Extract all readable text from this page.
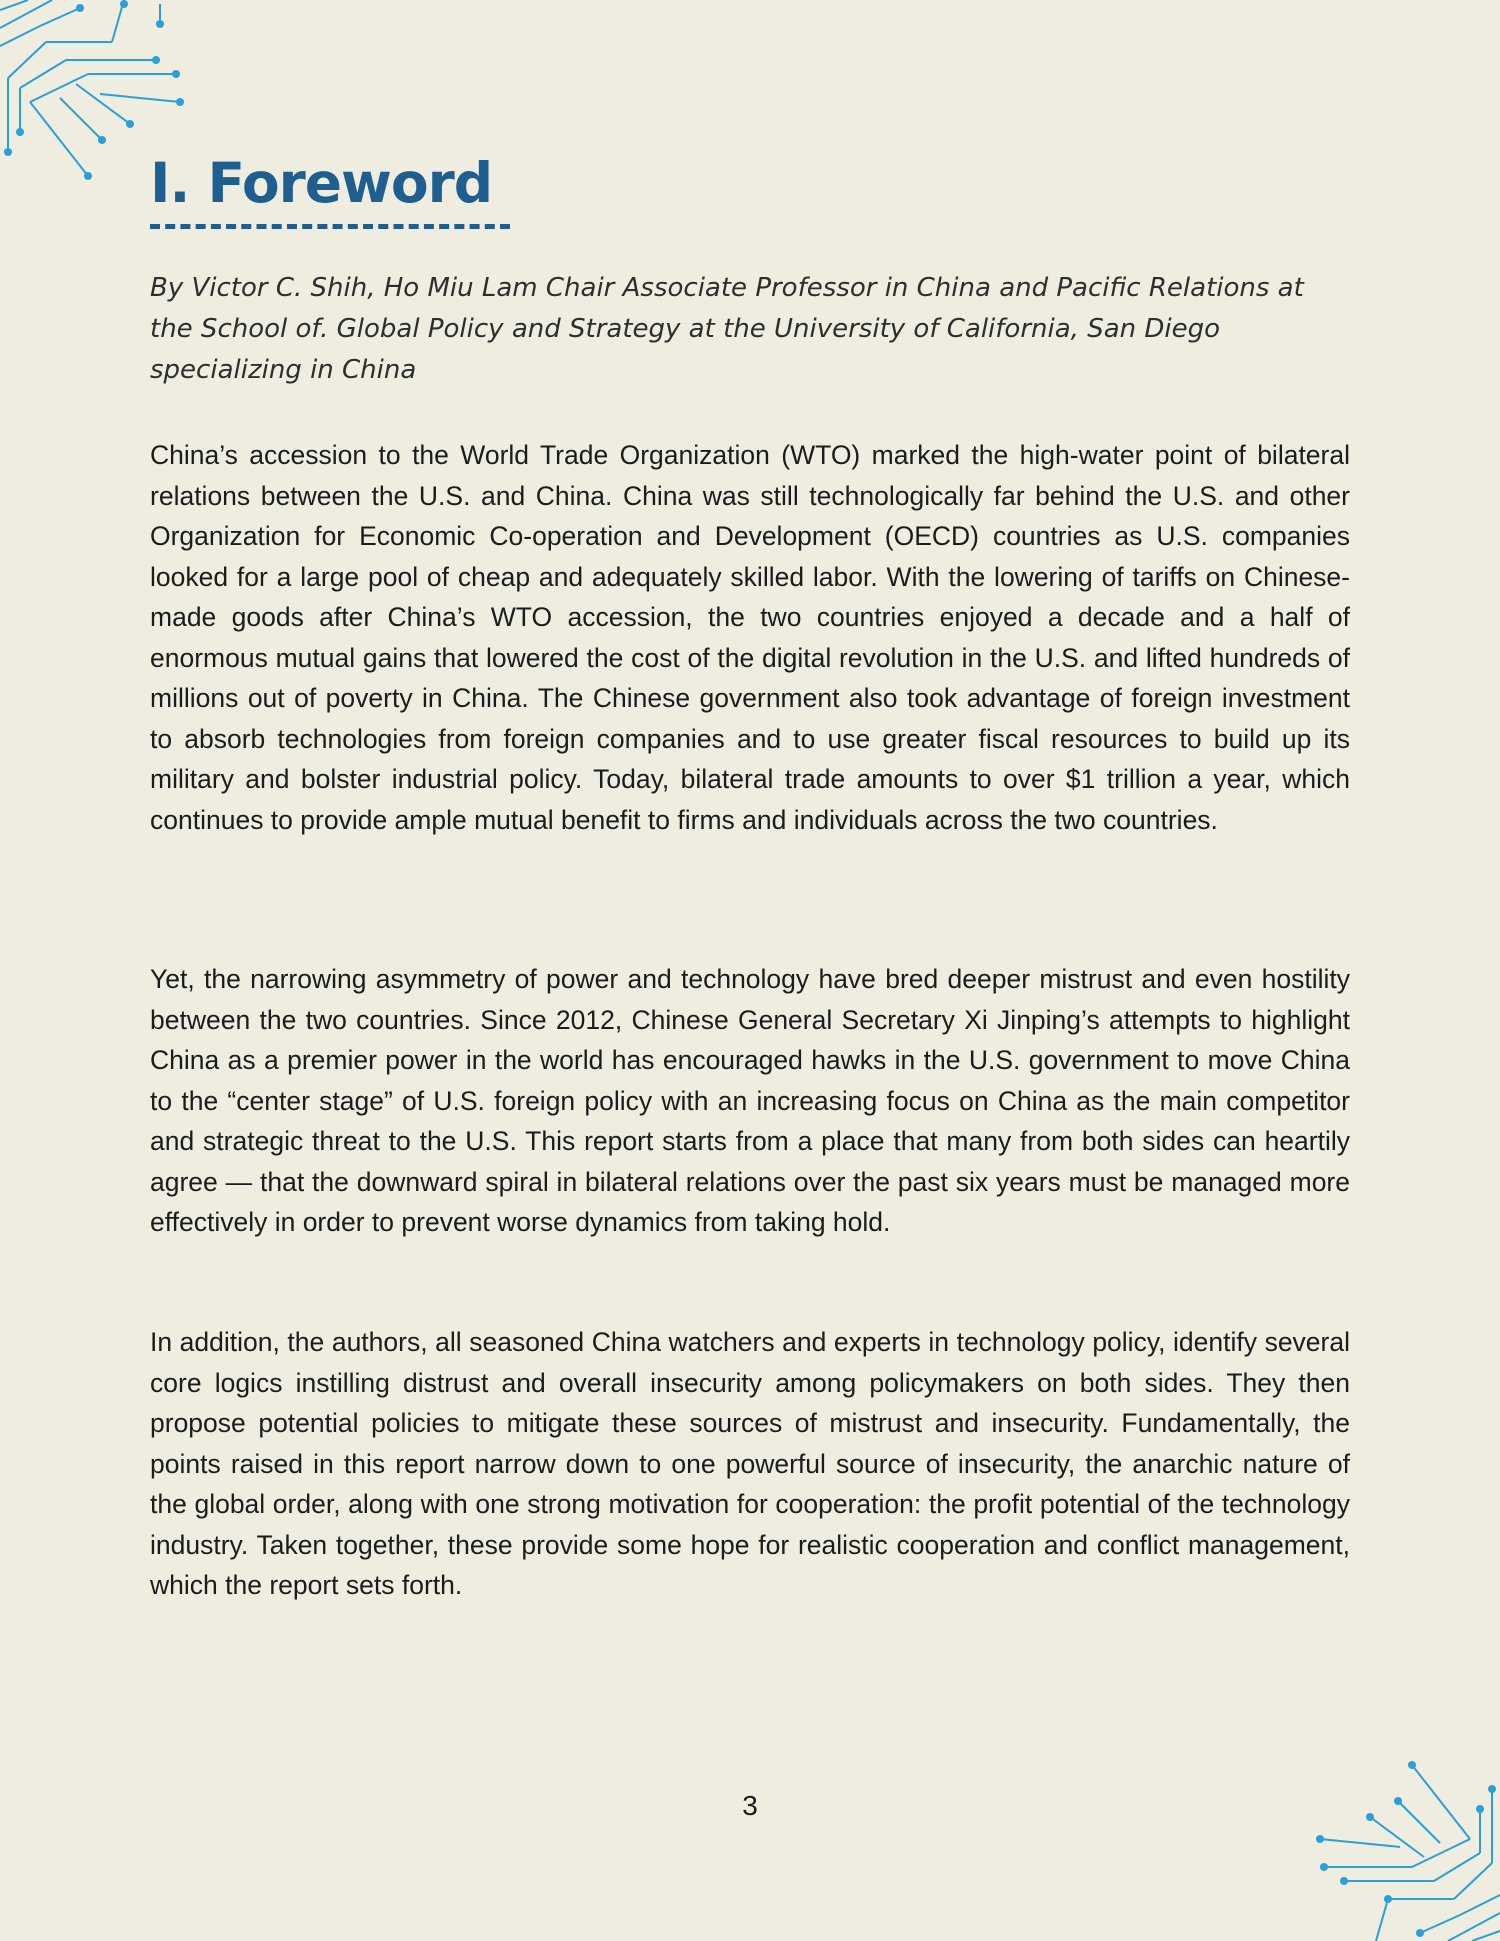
I. Foreword

By Victor C. Shih, Ho Miu Lam Chair Associate Professor in China and Pacific Relations at the School of. Global Policy and Strategy at the University of California, San Diego specializing in China

China’s accession to the World Trade Organization (WTO) marked the high-water point of bilateral relations between the U.S. and China. China was still technologically far behind the U.S. and other Organization for Economic Co-operation and Development (OECD) countries as U.S. companies looked for a large pool of cheap and adequately skilled labor. With the lowering of tariffs on Chinese-made goods after China’s WTO accession, the two countries enjoyed a decade and a half of enormous mutual gains that lowered the cost of the digital revolution in the U.S. and lifted hundreds of millions out of poverty in China. The Chinese government also took advantage of foreign investment to absorb technologies from foreign companies and to use greater fiscal resources to build up its military and bolster industrial policy. Today, bilateral trade amounts to over $1 trillion a year, which continues to provide ample mutual benefit to firms and individuals across the two countries.

Yet, the narrowing asymmetry of power and technology have bred deeper mistrust and even hostility between the two countries. Since 2012, Chinese General Secretary Xi Jinping’s attempts to highlight China as a premier power in the world has encouraged hawks in the U.S. government to move China to the “center stage” of U.S. foreign policy with an increasing focus on China as the main competitor and strategic threat to the U.S. This report starts from a place that many from both sides can heartily agree — that the downward spiral in bilateral relations over the past six years must be managed more effectively in order to prevent worse dynamics from taking hold.

In addition, the authors, all seasoned China watchers and experts in technology policy, identify several core logics instilling distrust and overall insecurity among policymakers on both sides. They then propose potential policies to mitigate these sources of mistrust and insecurity. Fundamentally, the points raised in this report narrow down to one powerful source of insecurity, the anarchic nature of the global order, along with one strong motivation for cooperation: the profit potential of the technology industry. Taken together, these provide some hope for realistic cooperation and conflict management, which the report sets forth.

3
